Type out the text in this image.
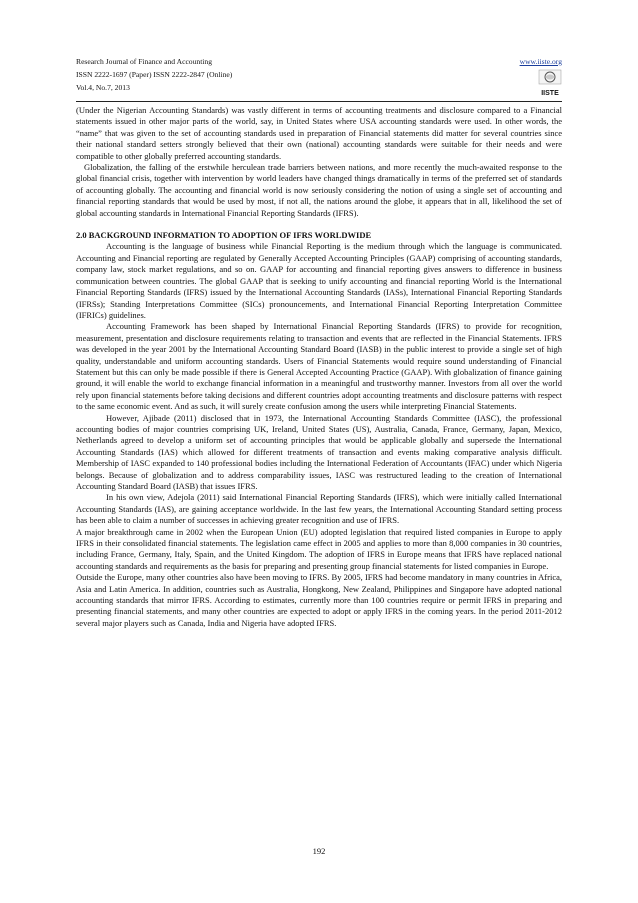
Research Journal of Finance and Accounting
ISSN 2222-1697 (Paper) ISSN 2222-2847 (Online)
Vol.4, No.7, 2013
www.iiste.org
IISTE

(Under the Nigerian Accounting Standards) was vastly different in terms of accounting treatments and disclosure compared to a Financial statements issued in other major parts of the world, say, in United States where USA accounting standards were used. In other words, the “name” that was given to the set of accounting standards used in preparation of Financial statements did matter for several countries since their national standard setters strongly believed that their own (national) accounting standards were suitable for their needs and were compatible to other globally preferred accounting standards.

Globalization, the falling of the erstwhile herculean trade barriers between nations, and more recently the much-awaited response to the global financial crisis, together with intervention by world leaders have changed things dramatically in terms of the preferred set of standards of accounting globally. The accounting and financial world is now seriously considering the notion of using a single set of accounting and financial reporting standards that would be used by most, if not all, the nations around the globe, it appears that in all, likelihood the set of global accounting standards in International Financial Reporting Standards (IFRS).

2.0 BACKGROUND INFORMATION TO ADOPTION OF IFRS WORLDWIDE

Accounting is the language of business while Financial Reporting is the medium through which the language is communicated. Accounting and Financial reporting are regulated by Generally Accepted Accounting Principles (GAAP) comprising of accounting standards, company law, stock market regulations, and so on. GAAP for accounting and financial reporting gives answers to difference in business communication between countries. The global GAAP that is seeking to unify accounting and financial reporting World is the International Financial Reporting Standards (IFRS) issued by the International Accounting Standards (IASs), International Financial Reporting Standards (IFRSs); Standing Interpretations Committee (SICs) pronouncements, and International Financial Reporting Interpretation Committee (IFRICs) guidelines.

Accounting Framework has been shaped by International Financial Reporting Standards (IFRS) to provide for recognition, measurement, presentation and disclosure requirements relating to transaction and events that are reflected in the Financial Statements. IFRS was developed in the year 2001 by the International Accounting Standard Board (IASB) in the public interest to provide a single set of high quality, understandable and uniform accounting standards. Users of Financial Statements would require sound understanding of Financial Statement but this can only be made possible if there is General Accepted Accounting Practice (GAAP). With globalization of finance gaining ground, it will enable the world to exchange financial information in a meaningful and trustworthy manner. Investors from all over the world rely upon financial statements before taking decisions and different countries adopt accounting treatments and disclosure patterns with respect to the same economic event. And as such, it will surely create confusion among the users while interpreting Financial Statements.

However, Ajibade (2011) disclosed that in 1973, the International Accounting Standards Committee (IASC), the professional accounting bodies of major countries comprising UK, Ireland, United States (US), Australia, Canada, France, Germany, Japan, Mexico, Netherlands agreed to develop a uniform set of accounting principles that would be applicable globally and supersede the International Accounting Standards (IAS) which allowed for different treatments of transaction and events making comparative analysis difficult. Membership of IASC expanded to 140 professional bodies including the International Federation of Accountants (IFAC) under which Nigeria belongs. Because of globalization and to address comparability issues, IASC was restructured leading to the creation of International Accounting Standard Board (IASB) that issues IFRS.

In his own view, Adejola (2011) said International Financial Reporting Standards (IFRS), which were initially called International Accounting Standards (IAS), are gaining acceptance worldwide. In the last few years, the International Accounting Standard setting process has been able to claim a number of successes in achieving greater recognition and use of IFRS.

A major breakthrough came in 2002 when the European Union (EU) adopted legislation that required listed companies in Europe to apply IFRS in their consolidated financial statements. The legislation came effect in 2005 and applies to more than 8,000 companies in 30 countries, including France, Germany, Italy, Spain, and the United Kingdom. The adoption of IFRS in Europe means that IFRS have replaced national accounting standards and requirements as the basis for preparing and presenting group financial statements for listed companies in Europe.

Outside the Europe, many other countries also have been moving to IFRS. By 2005, IFRS had become mandatory in many countries in Africa, Asia and Latin America. In addition, countries such as Australia, Hongkong, New Zealand, Philippines and Singapore have adopted national accounting standards that mirror IFRS. According to estimates, currently more than 100 countries require or permit IFRS in preparing and presenting financial statements, and many other countries are expected to adopt or apply IFRS in the coming years. In the period 2011-2012 several major players such as Canada, India and Nigeria have adopted IFRS.

192
